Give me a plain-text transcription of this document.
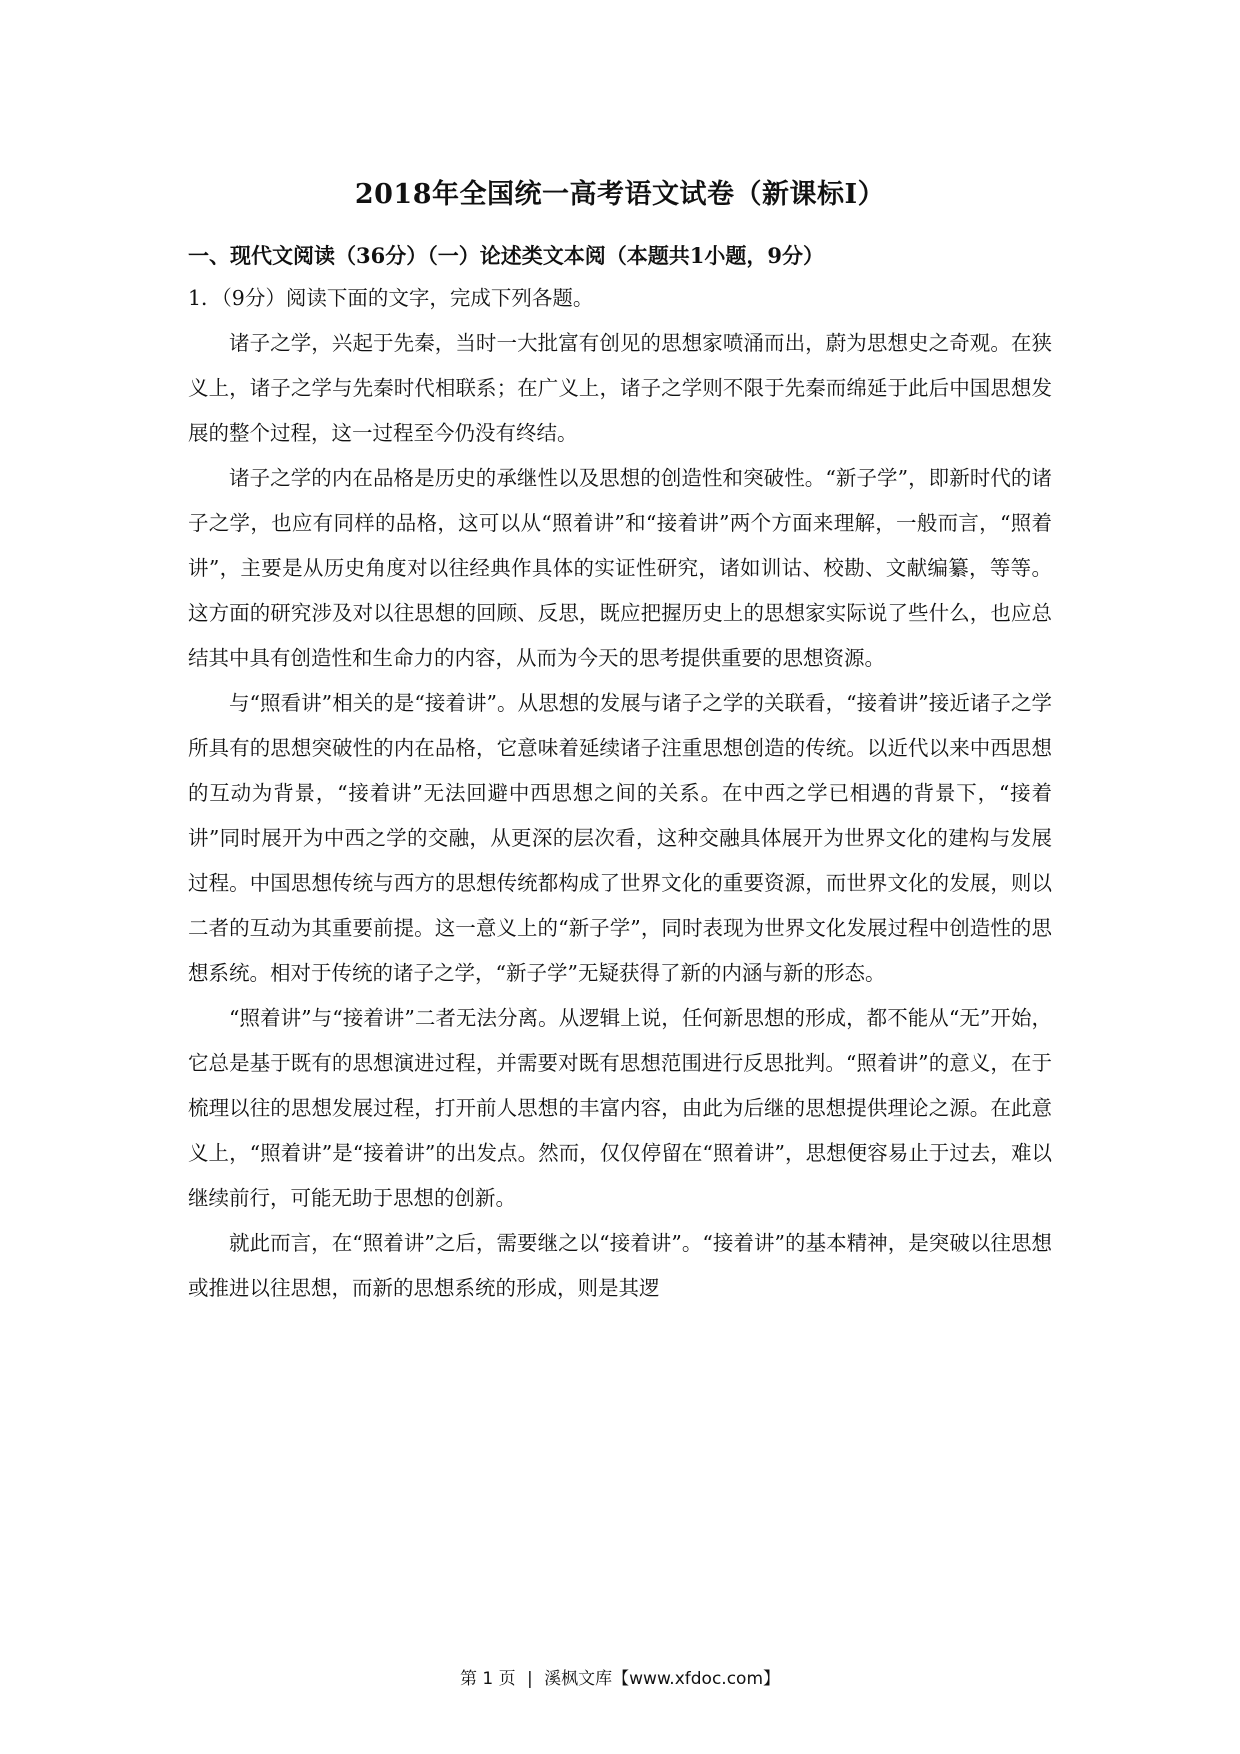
2018年全国统一高考语文试卷（新课标Ⅰ）
一、现代文阅读（36分）（一）论述类文本阅（本题共1小题，9分）
1．（9分）阅读下面的文字，完成下列各题。

诸子之学，兴起于先秦，当时一大批富有创见的思想家喷涌而出，蔚为思想史之奇观。在狭义上，诸子之学与先秦时代相联系；在广义上，诸子之学则不限于先秦而绵延于此后中国思想发展的整个过程，这一过程至今仍没有终结。

诸子之学的内在品格是历史的承继性以及思想的创造性和突破性。“新子学”，即新时代的诸子之学，也应有同样的品格，这可以从“照着讲”和“接着讲”两个方面来理解，一般而言，“照着讲”，主要是从历史角度对以往经典作具体的实证性研究，诸如训诂、校勘、文献编纂，等等。这方面的研究涉及对以往思想的回顾、反思，既应把握历史上的思想家实际说了些什么，也应总结其中具有创造性和生命力的内容，从而为今天的思考提供重要的思想资源。

与“照看讲”相关的是“接着讲”。从思想的发展与诸子之学的关联看，“接着讲”接近诸子之学所具有的思想突破性的内在品格，它意味着延续诸子注重思想创造的传统。以近代以来中西思想的互动为背景，“接着讲”无法回避中西思想之间的关系。在中西之学已相遇的背景下，“接着讲”同时展开为中西之学的交融，从更深的层次看，这种交融具体展开为世界文化的建构与发展过程。中国思想传统与西方的思想传统都构成了世界文化的重要资源，而世界文化的发展，则以二者的互动为其重要前提。这一意义上的“新子学”，同时表现为世界文化发展过程中创造性的思想系统。相对于传统的诸子之学，“新子学”无疑获得了新的内涵与新的形态。

“照着讲”与“接着讲”二者无法分离。从逻辑上说，任何新思想的形成，都不能从“无”开始，它总是基于既有的思想演进过程，并需要对既有思想范围进行反思批判。“照着讲”的意义，在于梳理以往的思想发展过程，打开前人思想的丰富内容，由此为后继的思想提供理论之源。在此意义上，“照着讲”是“接着讲”的出发点。然而，仅仅停留在“照着讲”，思想便容易止于过去，难以继续前行，可能无助于思想的创新。

就此而言，在“照着讲”之后，需要继之以“接着讲”。“接着讲”的基本精神，是突破以往思想或推进以往思想，而新的思想系统的形成，则是其逻

第 1 页 | 溪枫文库【www.xfdoc.com】
